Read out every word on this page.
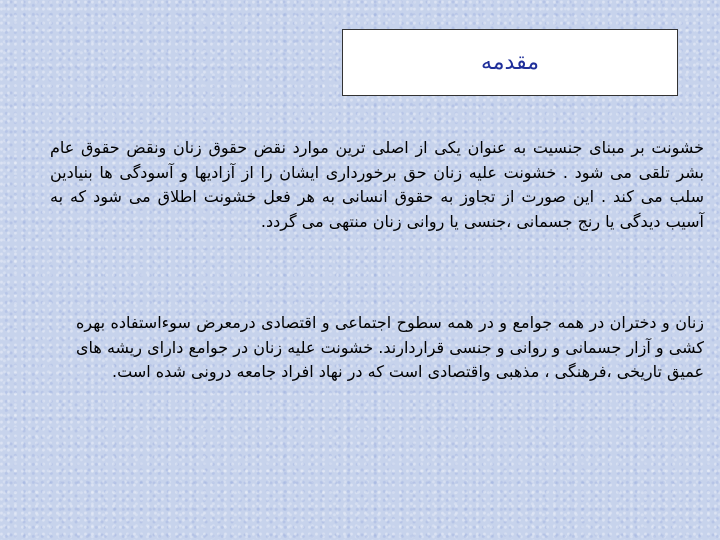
مقدمه

خشونت بر مبنای جنسیت به عنوان یکی از اصلی ترین موارد نقض حقوق زنان ونقض حقوق عام بشر تلقی می شود . خشونت علیه زنان حق برخورداری ایشان را از آزادیها و آسودگی ها بنیادین سلب می کند . این صورت از تجاوز به حقوق انسانی به هر فعل خشونت اطلاق می شود که به آسیب دیدگی یا رنج جسمانی ،جنسی یا روانی زنان منتهی می گردد.

زنان و دختران در همه جوامع و در همه سطوح اجتماعی و اقتصادی درمعرض سوءاستفاده بهره کشی و آزار جسمانی و روانی و جنسی قراردارند. خشونت علیه زنان در جوامع دارای ریشه های عمیق تاریخی ،فرهنگی ، مذهبی واقتصادی است که در نهاد افراد جامعه درونی شده است.
